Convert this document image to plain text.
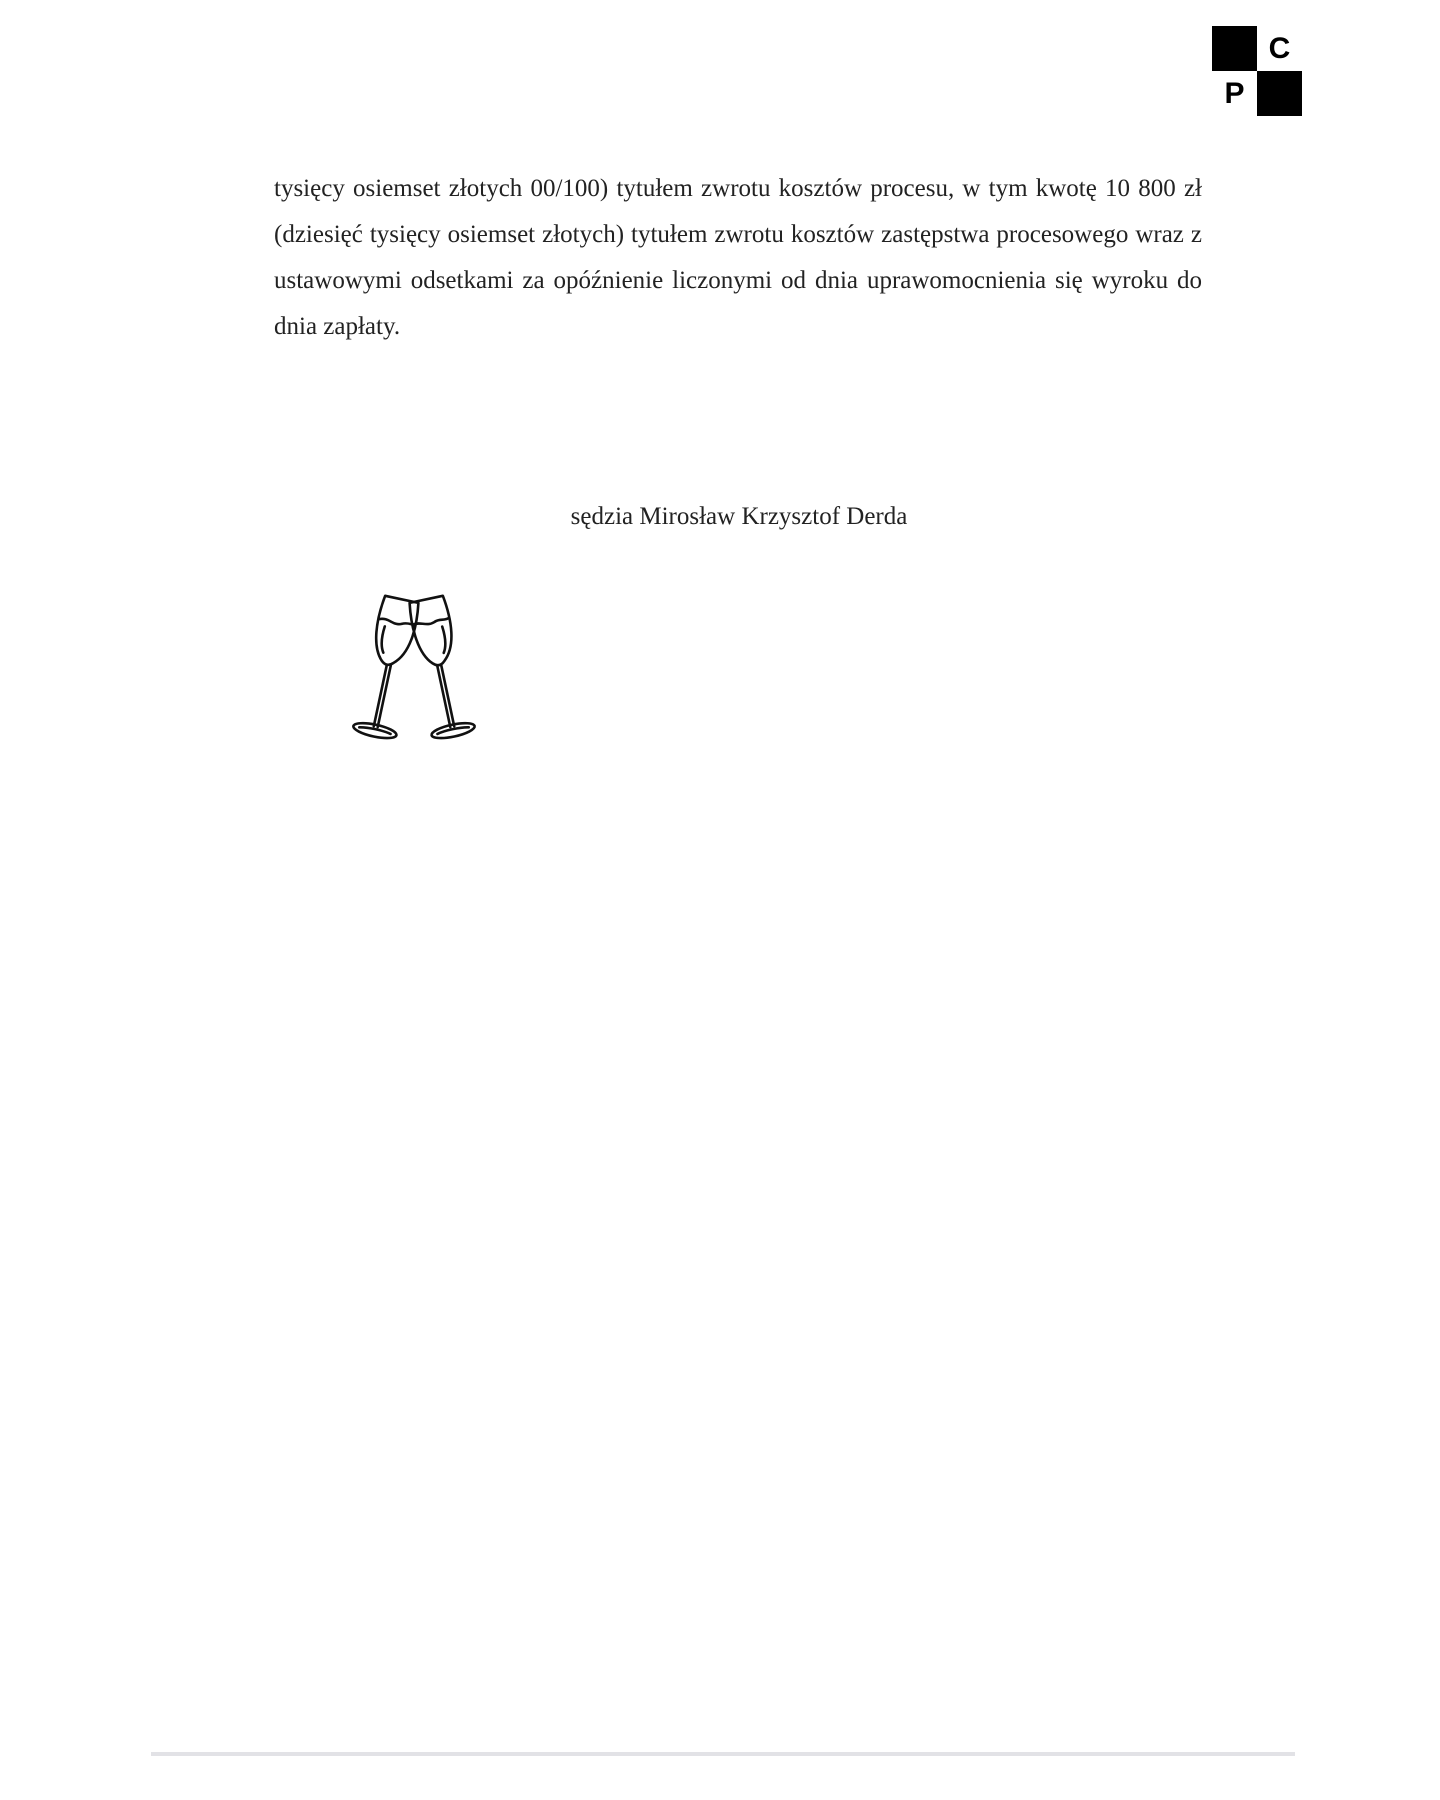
C
P

tysięcy osiemset złotych 00/100) tytułem zwrotu kosztów procesu, w tym kwotę 10 800 zł (dziesięć tysięcy osiemset złotych) tytułem zwrotu kosztów zastępstwa procesowego wraz z ustawowymi odsetkami za opóźnienie liczonymi od dnia uprawomocnienia się wyroku do dnia zapłaty.

sędzia Mirosław Krzysztof Derda
